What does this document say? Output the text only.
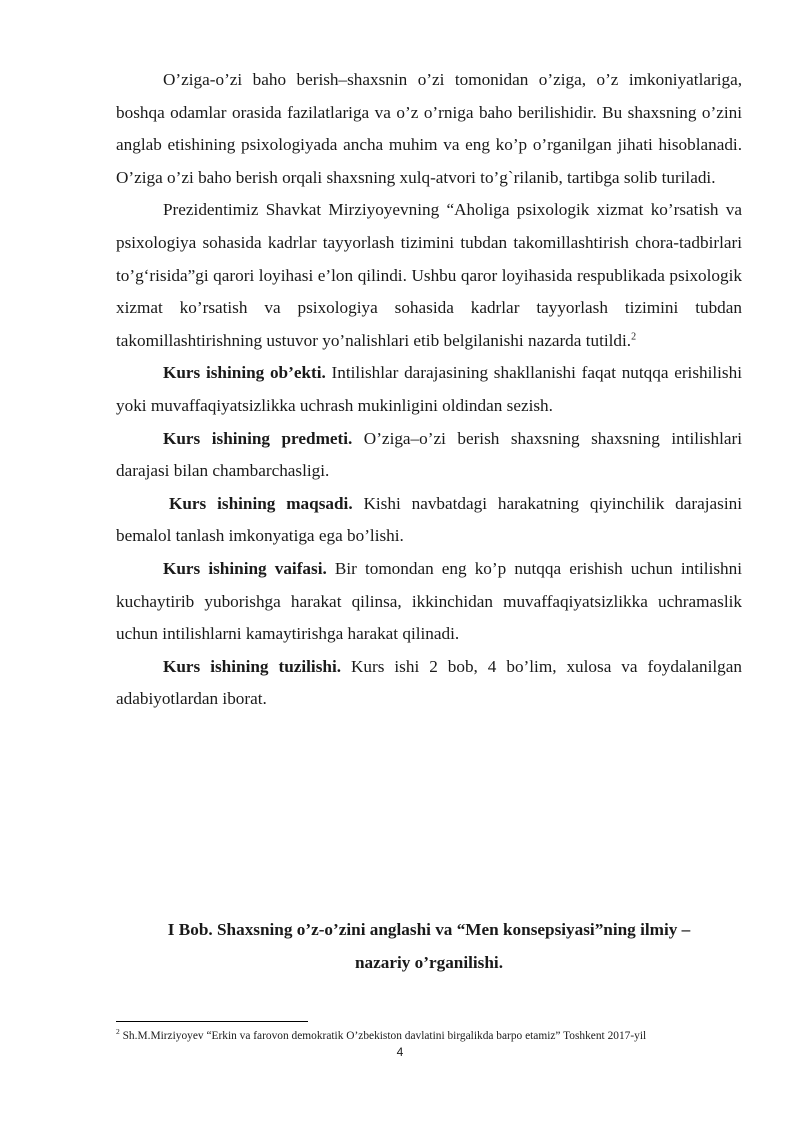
O’ziga-o’zi baho berish–shaxsnin o’zi tomonidan o’ziga, o’z imkoniyatlariga, boshqa odamlar orasida fazilatlariga va o’z o’rniga baho berilishidir. Bu shaxsning o’zini anglab etishining psixologiyada ancha muhim va eng ko’p o’rganilgan jihati hisoblanadi. O’ziga o’zi baho berish orqali shaxsning xulq-atvori to’g`rilanib, tartibga solib turiladi.

Prezidentimiz Shavkat Mirziyoyevning “Aholiga psixologik xizmat ko’rsatish va psixologiya sohasida kadrlar tayyorlash tizimini tubdan takomillashtirish chora-tadbirlari to’g‘risida”gi qarori loyihasi e’lon qilindi. Ushbu qaror loyihasida respublikada psixologik xizmat ko’rsatish va psixologiya sohasida kadrlar tayyorlash tizimini tubdan takomillashtirishning ustuvor yo’nalishlari etib belgilanishi nazarda tutildi.$^2$

Kurs ishining ob’ekti. Intilishlar darajasining shakllanishi faqat nutqqa erishilishi yoki muvaffaqiyatsizlikka uchrash mukinligini oldindan sezish.

Kurs ishining predmeti. O’ziga–o’zi berish shaxsning shaxsning intilishlari darajasi bilan chambarchasligi.

Kurs ishining maqsadi. Kishi navbatdagi harakatning qiyinchilik darajasini bemalol tanlash imkonyatiga ega bo’lishi.

Kurs ishining vaifasi. Bir tomondan eng ko’p nutqqa erishish uchun intilishni kuchaytirib yuborishga harakat qilinsa, ikkinchidan muvaffaqiyatsizlikka uchramaslik uchun intilishlarni kamaytirishga harakat qilinadi.

Kurs ishining tuzilishi. Kurs ishi 2 bob, 4 bo’lim, xulosa va foydalanilgan adabiyotlardan iborat.

I Bob. Shaxsning o’z-o’zini anglashi va “Men konsepsiyasi”ning ilmiy –
nazariy o’rganilishi.
$^2$ Sh.M.Mirziyoyev “Erkin va farovon demokratik O’zbekiston davlatini birgalikda barpo etamiz” Toshkent 2017-yil
4
